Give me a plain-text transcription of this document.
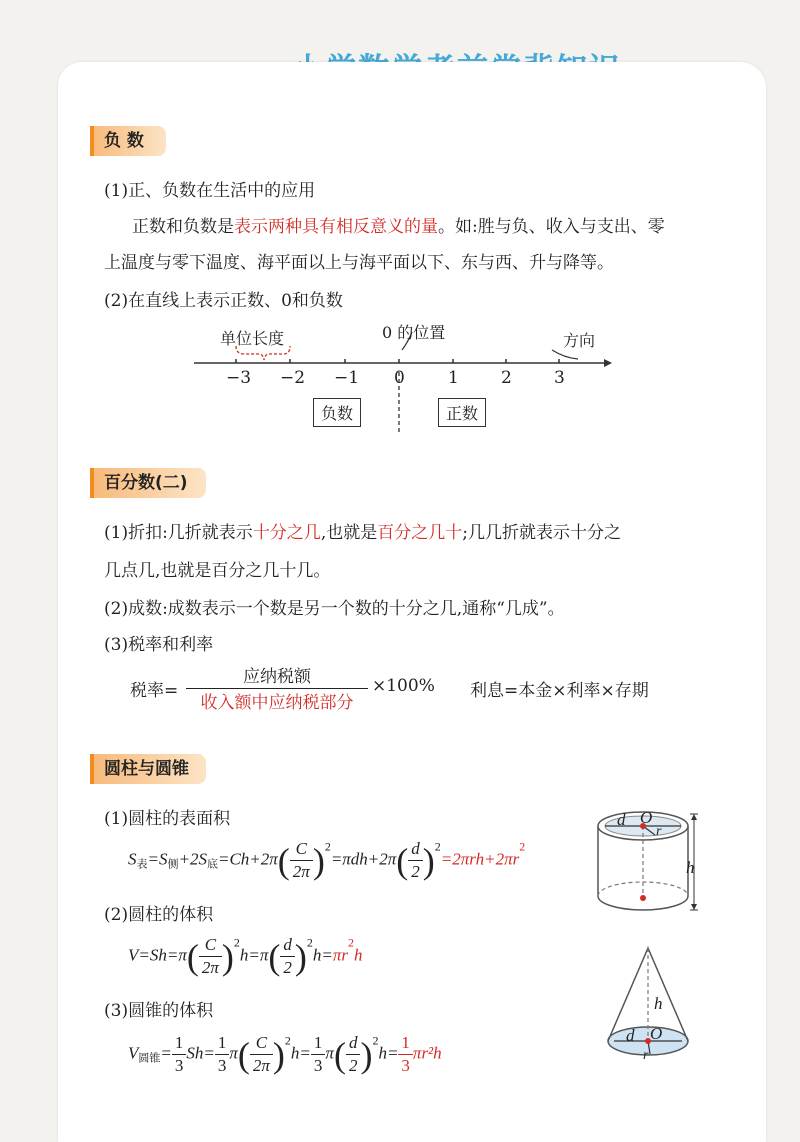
负 数
(1)正、负数在生活中的应用
正数和负数是表示两种具有相反意义的量。如:胜与负、收入与支出、零
上温度与零下温度、海平面以上与海平面以下、东与西、升与降等。
(2)在直线上表示正数、0和负数
单位长度	0 的位置	方向
−3 −2 −1 0	1 2 3
负数	正数
百分数(二)
(1)折扣:几折就表示十分之几,也就是百分之几十;几几折就表示十分之
几点几,也就是百分之几十几。
(2)成数:成数表示一个数是另一个数的十分之几,通称“几成”。
(3)税率和利率
税率=
应纳税额
收入额中应纳税部分
×100% 利息=本金×利率×存期
圆柱与圆锥
(1)圆柱的表面积
$S_表=S_侧+2S_底=Ch+2\pi( \frac{C}{2\pi} )^2=\pi dh+2\pi( \frac{d}{2} )^2=2\pi rh+2\pi r^2$
(2)圆柱的体积
$V=Sh=\pi( \frac{C}{2\pi} )^2h=\pi( \frac{d}{2} )^2h=\pi r^2h$
(3)圆锥的体积
$V_{圆锥}= \frac{1}{3} Sh= \frac{1}{3} \pi( \frac{C}{2\pi} )^2h= \frac{1}{3} \pi( \frac{d}{2} )^2h= \frac{1}{3} \pi r^2h$
d O
r
h
h
d O
r
